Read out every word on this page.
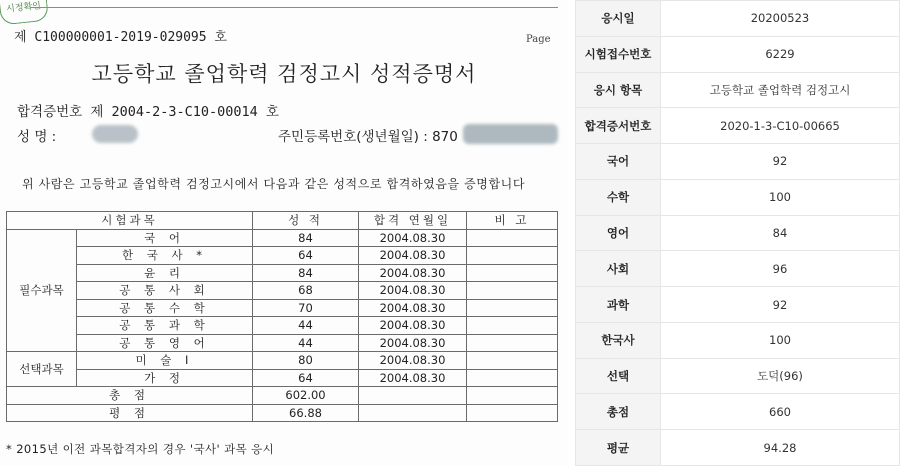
시정확인
제 C100000001-2019-029095 호	Page
고등학교 졸업학력 검정고시 성적증명서
합격증번호 제 2004-2-3-C10-00014 호
성 명 :	주민등록번호(생년월일) : 870
위 사람은 고등학교 졸업학력 검정고시에서 다음과 같은 성적으로 합격하였음을 증명합니다
시험과목		성 적	합격 연월일	비 고
필수과목	국 어	84	2004.08.30	
	한 국 사 *	64	2004.08.30	
	윤 리	84	2004.08.30	
	공 통 사 회	68	2004.08.30	
	공 통 수 학	70	2004.08.30	
	공 통 과 학	44	2004.08.30	
	공 통 영 어	44	2004.08.30	
선택과목	미 술 Ⅰ	80	2004.08.30	
	가 정	64	2004.08.30	
총 점		602.00		
평 점		66.88		
* 2015년 이전 과목합격자의 경우 '국사' 과목 응시
응시일	20200523
시험접수번호	6229
응시 항목	고등학교 졸업학력 검정고시
합격증서번호	2020-1-3-C10-00665
국어	92
수학	100
영어	84
사회	96
과학	92
한국사	100
선택	도덕(96)
총점	660
평균	94.28
